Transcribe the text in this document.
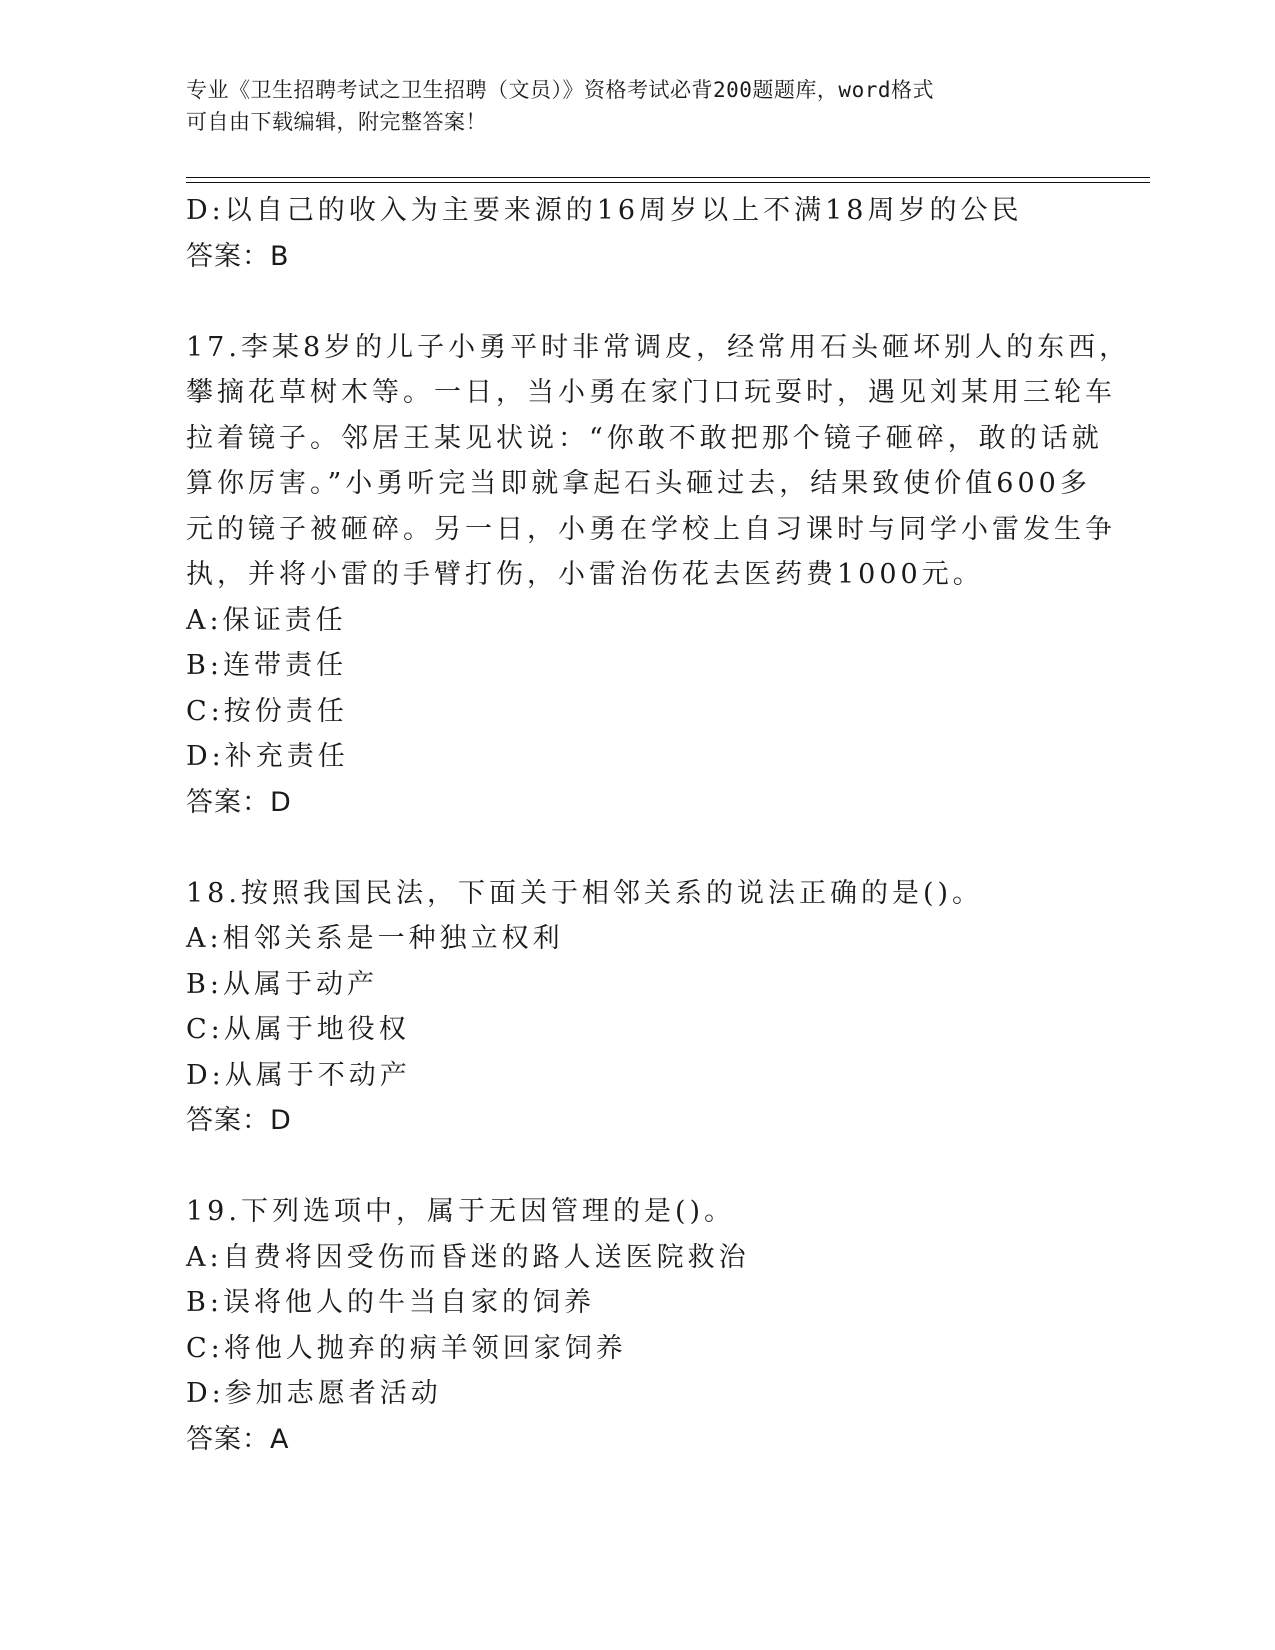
专业《卫生招聘考试之卫生招聘（文员）》资格考试必背200题题库，word格式
可自由下载编辑，附完整答案！
D:以自己的收入为主要来源的16周岁以上不满18周岁的公民
答案：B
17.李某8岁的儿子小勇平时非常调皮，经常用石头砸坏别人的东西，
攀摘花草树木等。一日，当小勇在家门口玩耍时，遇见刘某用三轮车
拉着镜子。邻居王某见状说：“你敢不敢把那个镜子砸碎，敢的话就
算你厉害。”小勇听完当即就拿起石头砸过去，结果致使价值600多
元的镜子被砸碎。另一日，小勇在学校上自习课时与同学小雷发生争
执，并将小雷的手臂打伤，小雷治伤花去医药费1000元。
A:保证责任
B:连带责任
C:按份责任
D:补充责任
答案：D
18.按照我国民法，下面关于相邻关系的说法正确的是()。
A:相邻关系是一种独立权利
B:从属于动产
C:从属于地役权
D:从属于不动产
答案：D
19.下列选项中，属于无因管理的是()。
A:自费将因受伤而昏迷的路人送医院救治
B:误将他人的牛当自家的饲养
C:将他人抛弃的病羊领回家饲养
D:参加志愿者活动
答案：A
